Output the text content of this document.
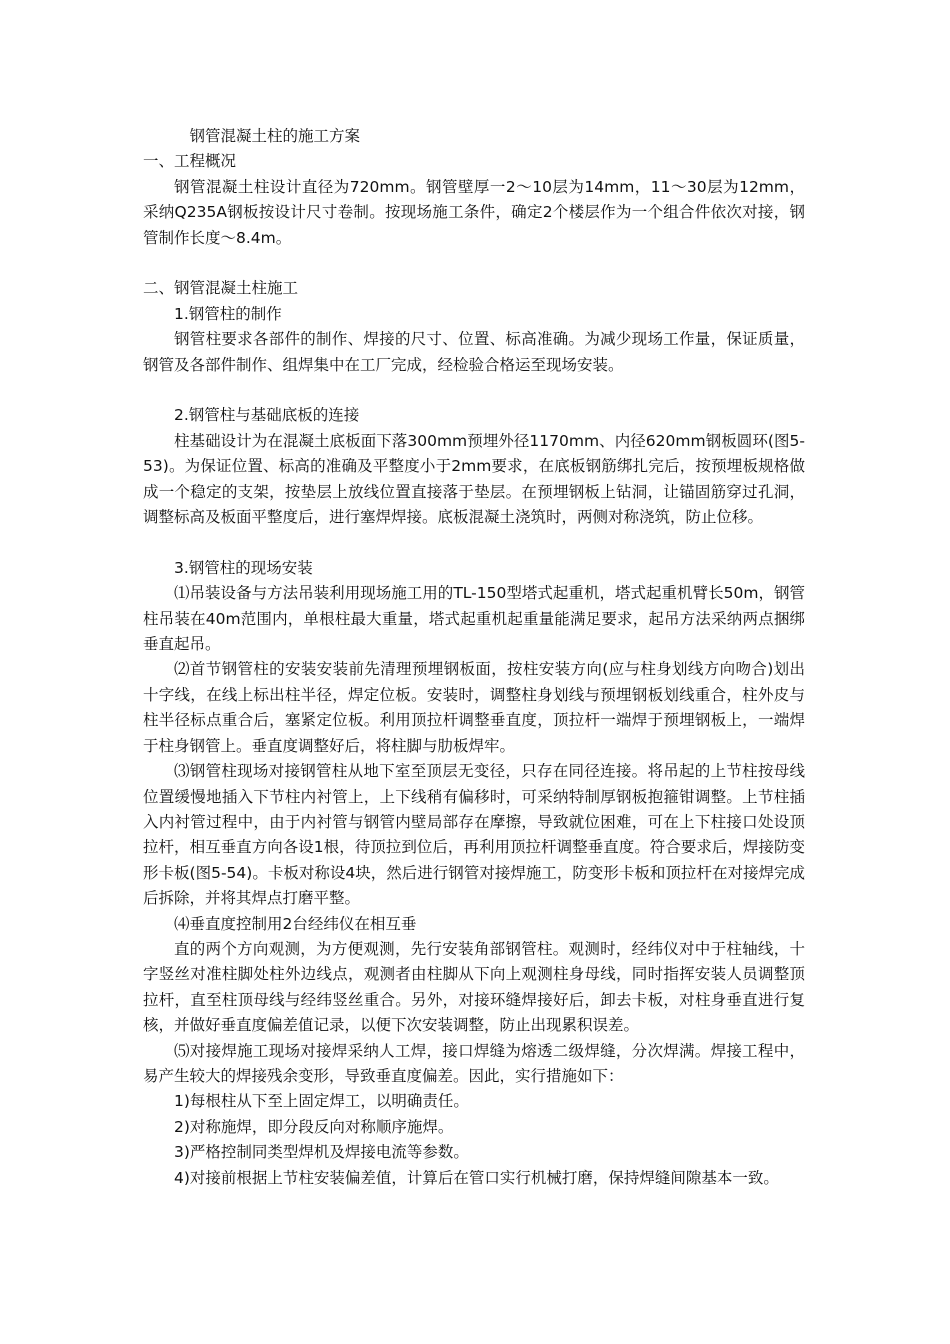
钢管混凝土柱的施工方案

一、工程概况

钢管混凝土柱设计直径为720mm。钢管壁厚一2～10层为14mm，11～30层为12mm，采纳Q235A钢板按设计尺寸卷制。按现场施工条件，确定2个楼层作为一个组合件依次对接，钢管制作长度～8.4m。

二、钢管混凝土柱施工

1.钢管柱的制作

钢管柱要求各部件的制作、焊接的尺寸、位置、标高准确。为减少现场工作量，保证质量，钢管及各部件制作、组焊集中在工厂完成，经检验合格运至现场安装。

2.钢管柱与基础底板的连接

柱基础设计为在混凝土底板面下落300mm预埋外径1170mm、内径620mm钢板圆环(图5-53)。为保证位置、标高的准确及平整度小于2mm要求，在底板钢筋绑扎完后，按预埋板规格做成一个稳定的支架，按垫层上放线位置直接落于垫层。在预埋钢板上钻洞，让锚固筋穿过孔洞，调整标高及板面平整度后，进行塞焊焊接。底板混凝土浇筑时，两侧对称浇筑，防止位移。

3.钢管柱的现场安装

⑴吊装设备与方法吊装利用现场施工用的TL-150型塔式起重机，塔式起重机臂长50m，钢管柱吊装在40m范围内，单根柱最大重量，塔式起重机起重量能满足要求，起吊方法采纳两点捆绑垂直起吊。

⑵首节钢管柱的安装安装前先清理预埋钢板面，按柱安装方向(应与柱身划线方向吻合)划出十字线，在线上标出柱半径，焊定位板。安装时，调整柱身划线与预埋钢板划线重合，柱外皮与柱半径标点重合后，塞紧定位板。利用顶拉杆调整垂直度，顶拉杆一端焊于预埋钢板上，一端焊于柱身钢管上。垂直度调整好后，将柱脚与肋板焊牢。

⑶钢管柱现场对接钢管柱从地下室至顶层无变径，只存在同径连接。将吊起的上节柱按母线位置缓慢地插入下节柱内衬管上，上下线稍有偏移时，可采纳特制厚钢板抱箍钳调整。上节柱插入内衬管过程中，由于内衬管与钢管内壁局部存在摩擦，导致就位困难，可在上下柱接口处设顶拉杆，相互垂直方向各设1根，待顶拉到位后，再利用顶拉杆调整垂直度。符合要求后，焊接防变形卡板(图5-54)。卡板对称设4块，然后进行钢管对接焊施工，防变形卡板和顶拉杆在对接焊完成后拆除，并将其焊点打磨平整。

⑷垂直度控制用2台经纬仪在相互垂

直的两个方向观测，为方便观测，先行安装角部钢管柱。观测时，经纬仪对中于柱轴线，十字竖丝对准柱脚处柱外边线点，观测者由柱脚从下向上观测柱身母线，同时指挥安装人员调整顶拉杆，直至柱顶母线与经纬竖丝重合。另外，对接环缝焊接好后，卸去卡板，对柱身垂直进行复核，并做好垂直度偏差值记录，以便下次安装调整，防止出现累积误差。

⑸对接焊施工现场对接焊采纳人工焊，接口焊缝为熔透二级焊缝，分次焊满。焊接工程中，易产生较大的焊接残余变形，导致垂直度偏差。因此，实行措施如下：

1)每根柱从下至上固定焊工，以明确责任。

2)对称施焊，即分段反向对称顺序施焊。

3)严格控制同类型焊机及焊接电流等参数。

4)对接前根据上节柱安装偏差值，计算后在管口实行机械打磨，保持焊缝间隙基本一致。
